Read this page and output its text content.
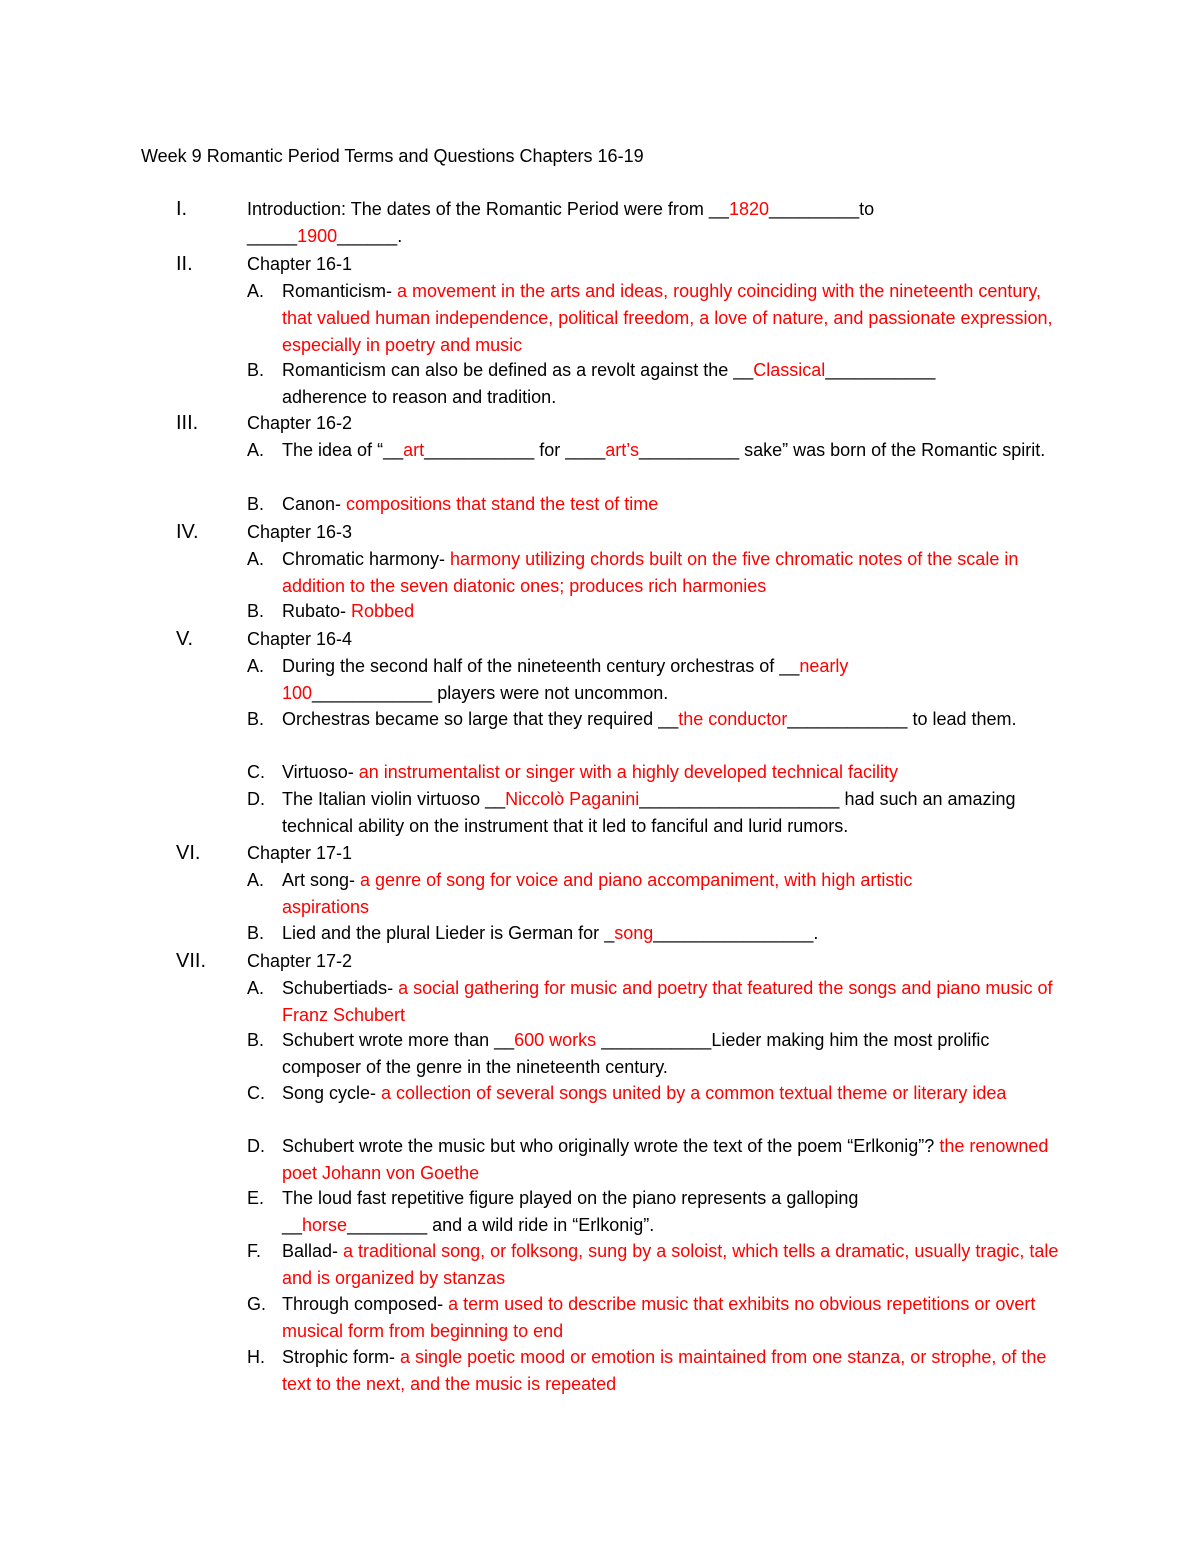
Week 9 Romantic Period Terms and Questions Chapters 16-19
I.	Introduction: The dates of the Romantic Period were from __1820_________to _____1900______.
II.	Chapter 16-1
A. Romanticism- a movement in the arts and ideas, roughly coinciding with the nineteenth century, that valued human independence, political freedom, a love of nature, and passionate expression, especially in poetry and music
B. Romanticism can also be defined as a revolt against the __Classical___________ adherence to reason and tradition.
III.	Chapter 16-2
A. The idea of “__art___________ for ____art’s__________ sake” was born of the Romantic spirit.
B. Canon- compositions that stand the test of time
IV.	Chapter 16-3
A. Chromatic harmony- harmony utilizing chords built on the five chromatic notes of the scale in addition to the seven diatonic ones; produces rich harmonies
B. Rubato- Robbed
V.	Chapter 16-4
A. During the second half of the nineteenth century orchestras of __nearly 100____________ players were not uncommon.
B. Orchestras became so large that they required __the conductor____________ to lead them.
C. Virtuoso- an instrumentalist or singer with a highly developed technical facility
D. The Italian violin virtuoso __Niccolò Paganini____________________ had such an amazing technical ability on the instrument that it led to fanciful and lurid rumors.
VI.	Chapter 17-1
A. Art song- a genre of song for voice and piano accompaniment, with high artistic aspirations
B. Lied and the plural Lieder is German for _song________________.
VII. Chapter 17-2
A. Schubertiads- a social gathering for music and poetry that featured the songs and piano music of Franz Schubert
B. Schubert wrote more than __600 works ___________Lieder making him the most prolific composer of the genre in the nineteenth century.
C. Song cycle- a collection of several songs united by a common textual theme or literary idea
D. Schubert wrote the music but who originally wrote the text of the poem “Erlkonig”? the renowned poet Johann von Goethe
E. The loud fast repetitive figure played on the piano represents a galloping __horse________ and a wild ride in “Erlkonig”.
F. Ballad- a traditional song, or folksong, sung by a soloist, which tells a dramatic, usually tragic, tale and is organized by stanzas
G. Through composed- a term used to describe music that exhibits no obvious repetitions or overt musical form from beginning to end
H. Strophic form- a single poetic mood or emotion is maintained from one stanza, or strophe, of the text to the next, and the music is repeated
